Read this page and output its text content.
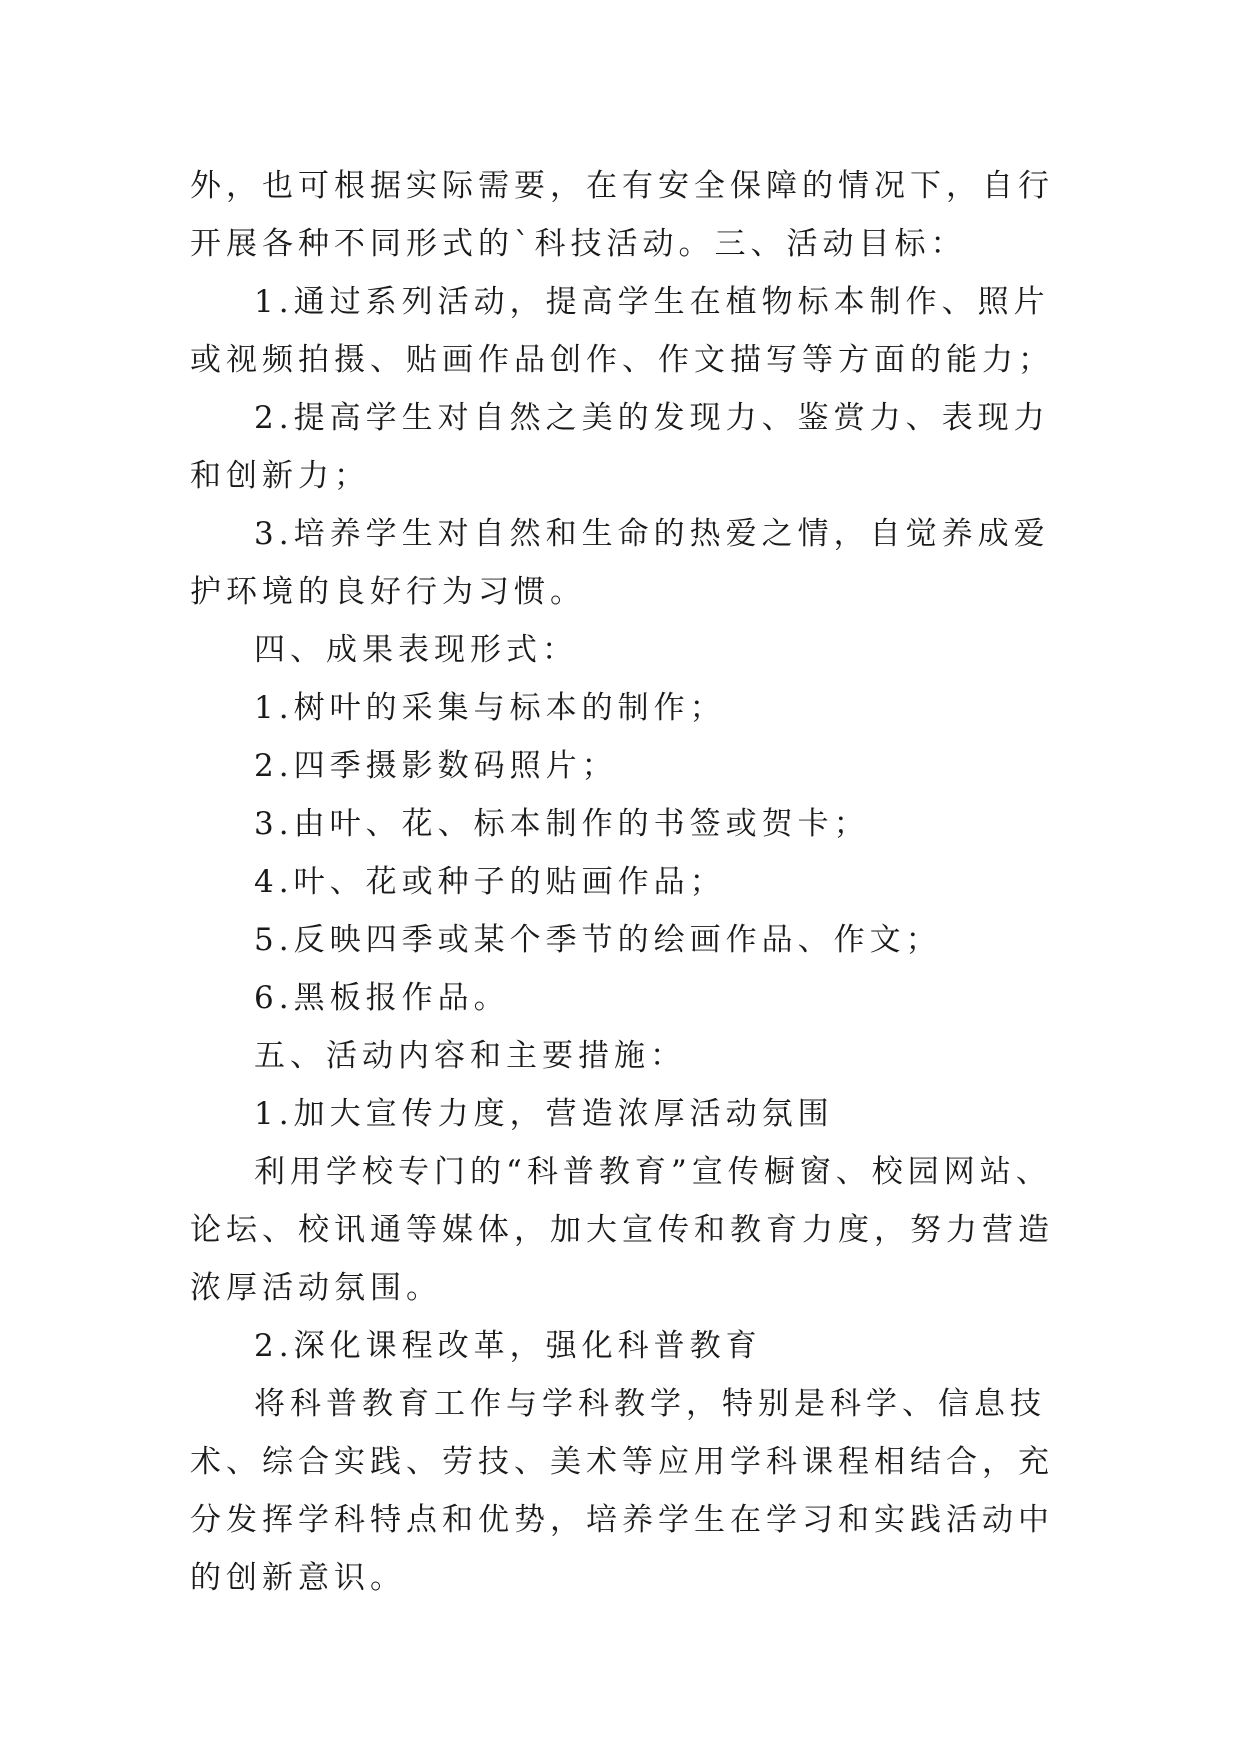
外，也可根据实际需要，在有安全保障的情况下，自行开展各种不同形式的`科技活动。三、活动目标：

1.通过系列活动，提高学生在植物标本制作、照片或视频拍摄、贴画作品创作、作文描写等方面的能力；

2.提高学生对自然之美的发现力、鉴赏力、表现力和创新力；

3.培养学生对自然和生命的热爱之情，自觉养成爱护环境的良好行为习惯。

四、成果表现形式：

1.树叶的采集与标本的制作；

2.四季摄影数码照片；

3.由叶、花、标本制作的书签或贺卡；

4.叶、花或种子的贴画作品；

5.反映四季或某个季节的绘画作品、作文；

6.黑板报作品。

五、活动内容和主要措施：

1.加大宣传力度，营造浓厚活动氛围

利用学校专门的“科普教育”宣传橱窗、校园网站、论坛、校讯通等媒体，加大宣传和教育力度，努力营造浓厚活动氛围。

2.深化课程改革，强化科普教育

将科普教育工作与学科教学，特别是科学、信息技术、综合实践、劳技、美术等应用学科课程相结合，充分发挥学科特点和优势，培养学生在学习和实践活动中的创新意识。
